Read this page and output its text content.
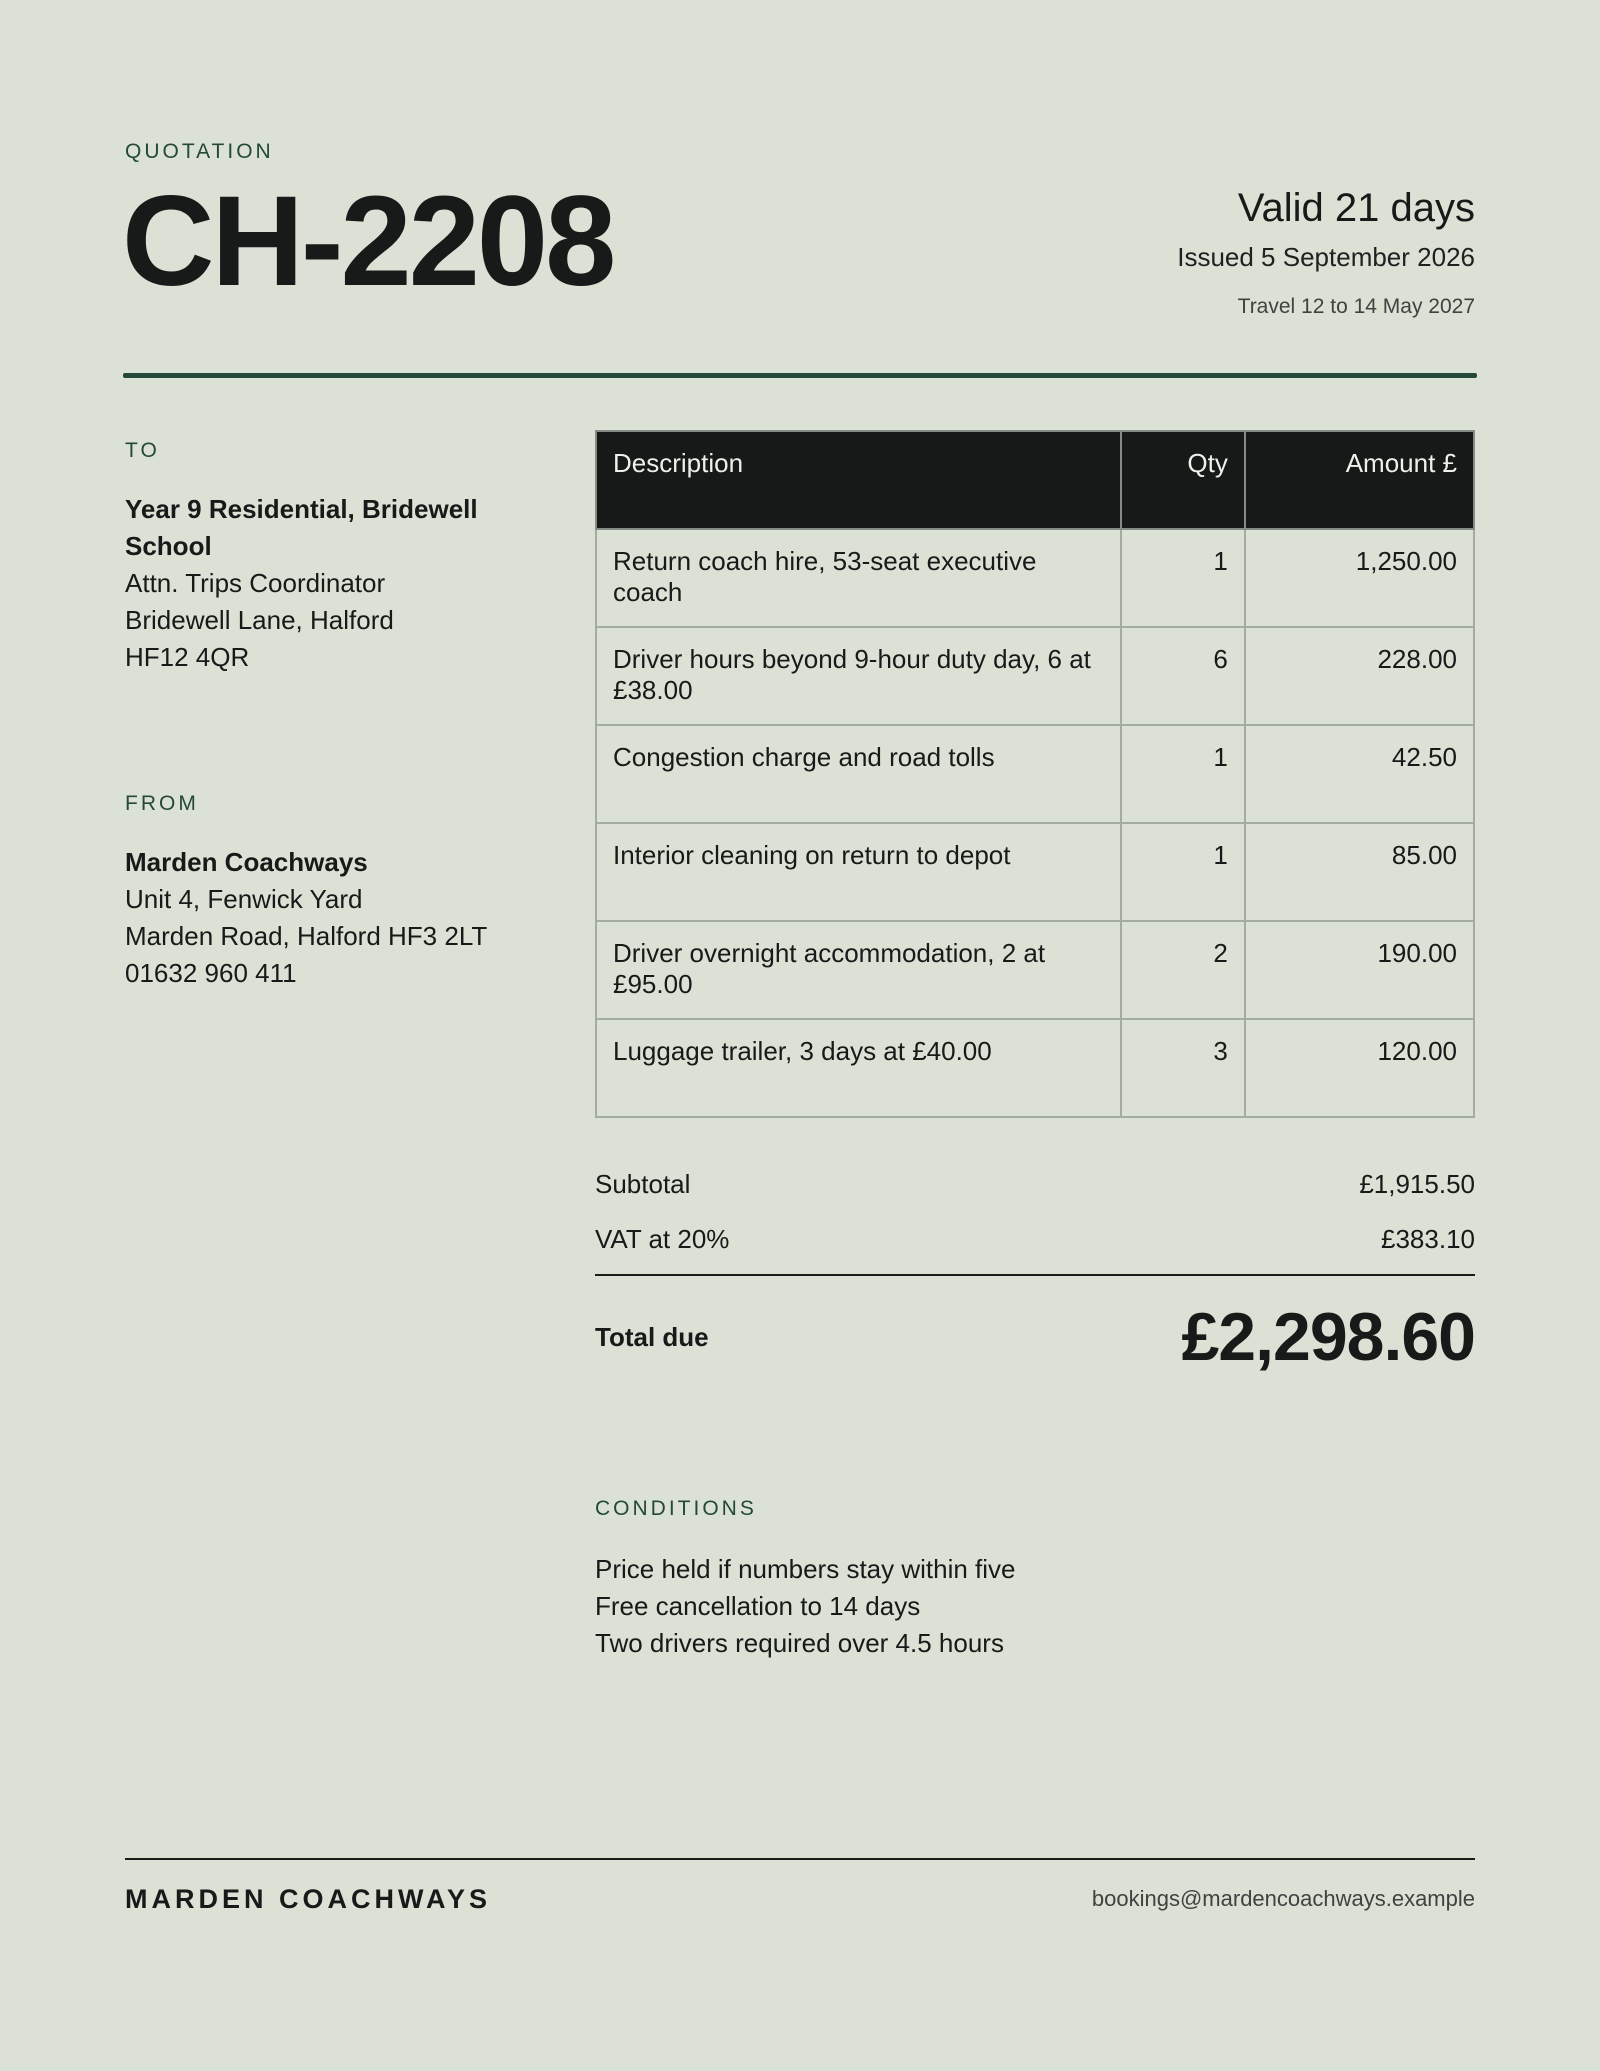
QUOTATION
CH-2208	Valid 21 days
Issued 5 September 2026
Travel 12 to 14 May 2027
TO
Year 9 Residential, Bridewell School
Attn. Trips Coordinator
Bridewell Lane, Halford
HF12 4QR
FROM
Marden Coachways
Unit 4, Fenwick Yard
Marden Road, Halford HF3 2LT
01632 960 411
Description	Qty	Amount £
Return coach hire, 53-seat executive coach	1	1,250.00
Driver hours beyond 9-hour duty day, 6 at £38.00	6	228.00
Congestion charge and road tolls	1	42.50
Interior cleaning on return to depot	1	85.00
Driver overnight accommodation, 2 at £95.00	2	190.00
Luggage trailer, 3 days at £40.00	3	120.00
Subtotal	£1,915.50
VAT at 20%	£383.10
Total due	£2,298.60
CONDITIONS
Price held if numbers stay within five
Free cancellation to 14 days
Two drivers required over 4.5 hours
MARDEN COACHWAYS	bookings@mardencoachways.example
